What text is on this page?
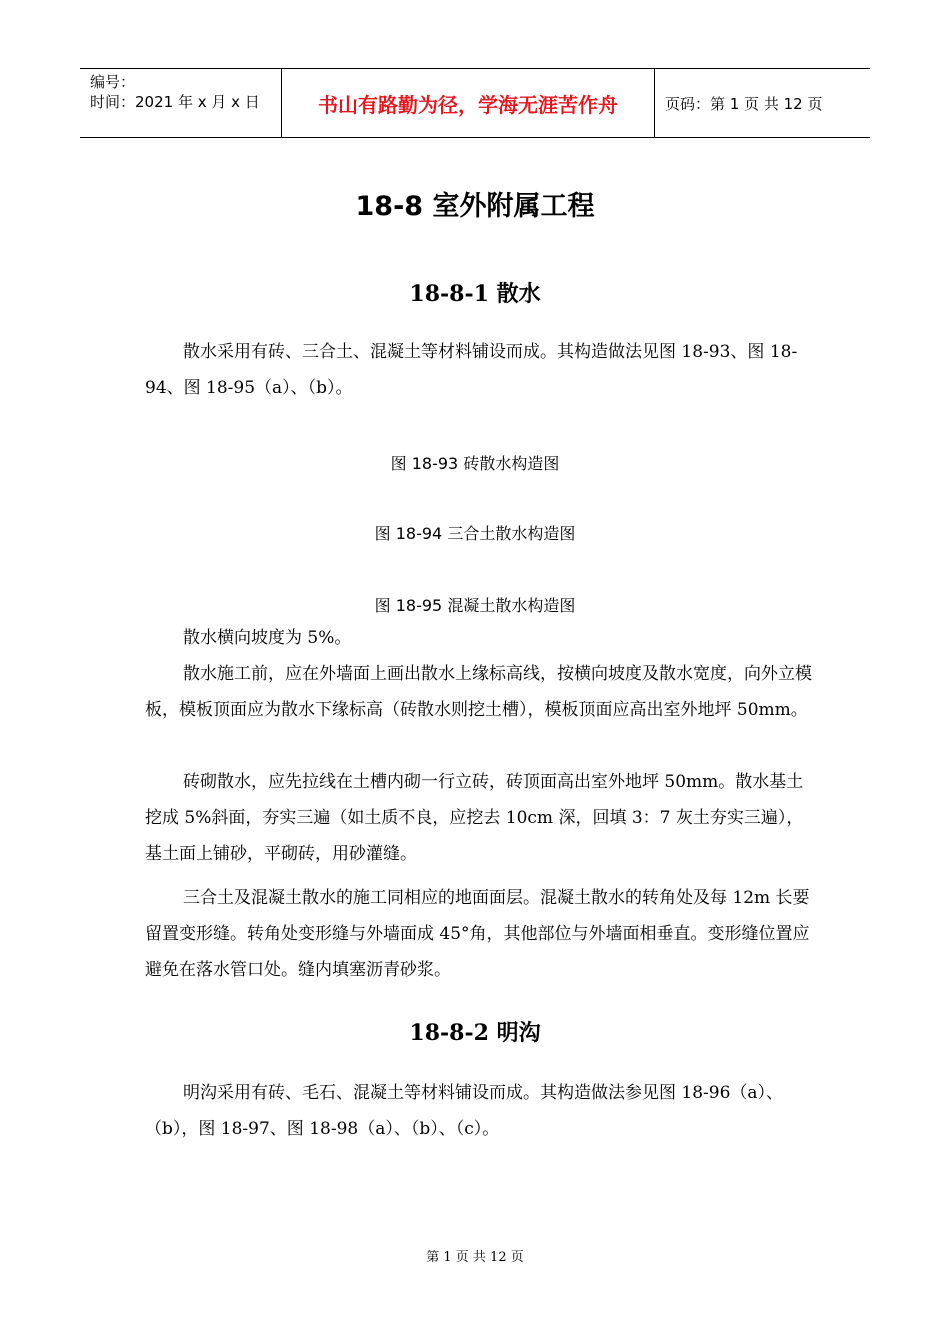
编号：
时间：2021 年 x 月 x 日	书山有路勤为径，学海无涯苦作舟	页码：第 1 页 共 12 页
18-8 室外附属工程
18-8-1 散水

散水采用有砖、三合土、混凝土等材料铺设而成。其构造做法见图 18-93、图 18-94、图 18-95（a）、（b）。

图 18-93 砖散水构造图
图 18-94 三合土散水构造图
图 18-95 混凝土散水构造图

散水横向坡度为 5%。

散水施工前，应在外墙面上画出散水上缘标高线，按横向坡度及散水宽度，向外立模板，模板顶面应为散水下缘标高（砖散水则挖土槽），模板顶面应高出室外地坪 50mm。

砖砌散水，应先拉线在土槽内砌一行立砖，砖顶面高出室外地坪 50mm。散水基土挖成 5%斜面，夯实三遍（如土质不良，应挖去 10cm 深，回填 3：7 灰土夯实三遍），基土面上铺砂，平砌砖，用砂灌缝。

三合土及混凝土散水的施工同相应的地面面层。混凝土散水的转角处及每 12m 长要留置变形缝。转角处变形缝与外墙面成 45°角，其他部位与外墙面相垂直。变形缝位置应避免在落水管口处。缝内填塞沥青砂浆。

18-8-2 明沟

明沟采用有砖、毛石、混凝土等材料铺设而成。其构造做法参见图 18-96（a）、（b），图 18-97、图 18-98（a）、（b）、（c）。

第 1 页 共 12 页
